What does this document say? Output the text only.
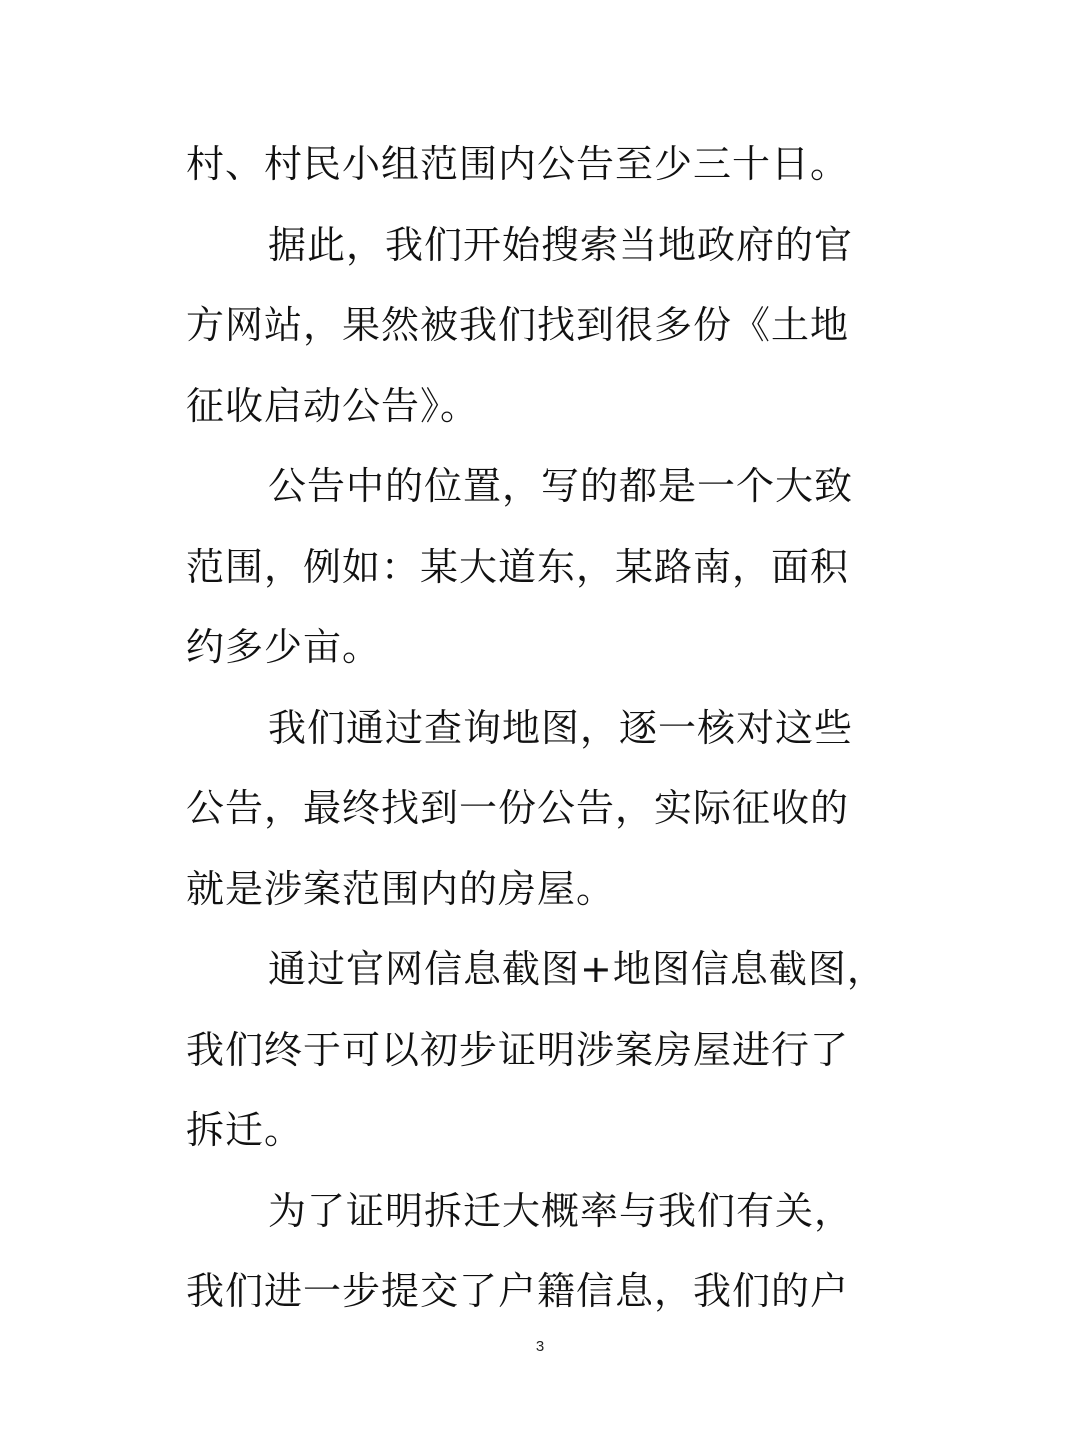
村、村民小组范围内公告至少三十日。
据此，我们开始搜索当地政府的官
方网站，果然被我们找到很多份《土地
征收启动公告》。
公告中的位置，写的都是一个大致
范围，例如：某大道东，某路南，面积
约多少亩。
我们通过查询地图，逐一核对这些
公告，最终找到一份公告，实际征收的
就是涉案范围内的房屋。
通过官网信息截图+地图信息截图，
我们终于可以初步证明涉案房屋进行了
拆迁。
为了证明拆迁大概率与我们有关，
我们进一步提交了户籍信息，我们的户
3
